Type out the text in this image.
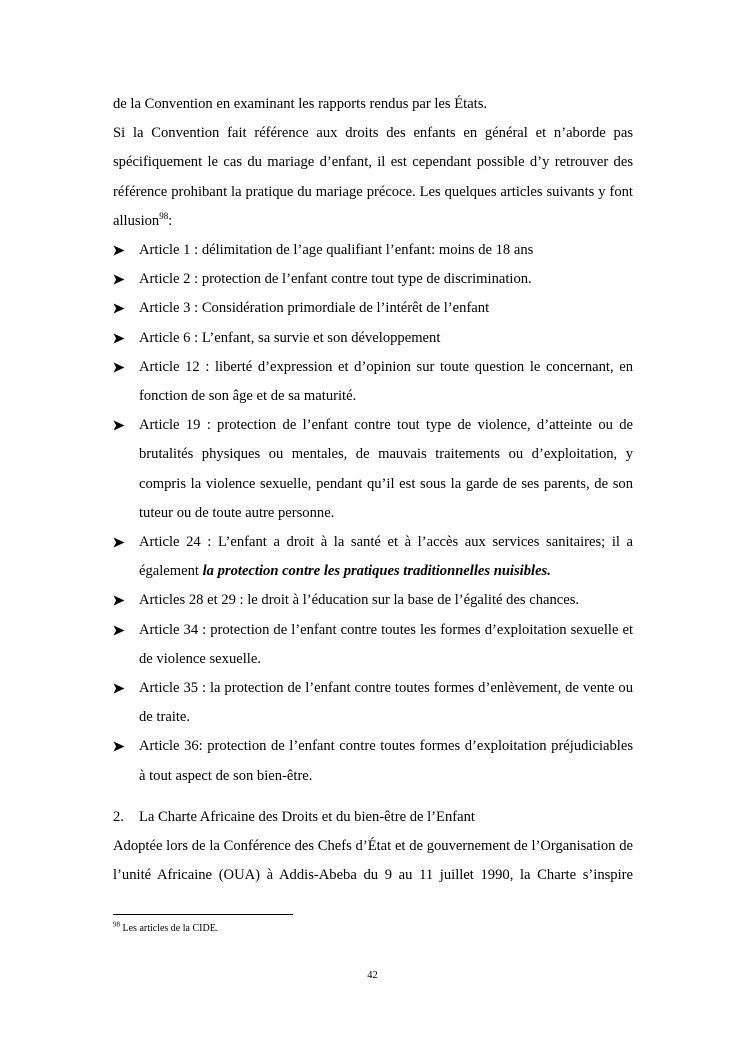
de la Convention en examinant les rapports rendus par les États.

Si la Convention fait référence aux droits des enfants en général et n’aborde pas spécifiquement le cas du mariage d’enfant, il est cependant possible d’y retrouver des référence prohibant la pratique du mariage précoce. Les quelques articles suivants y font allusion$^{98}$:

Article 1 : délimitation de l’age qualifiant l’enfant: moins de 18 ans
Article 2 : protection de l’enfant contre tout type de discrimination.
Article 3 : Considération primordiale de l’intérêt de l’enfant
Article 6 : L’enfant, sa survie et son développement
Article 12 : liberté d’expression et d’opinion sur toute question le concernant, en fonction de son âge et de sa maturité.
Article 19 : protection de l’enfant contre tout type de violence, d’atteinte ou de brutalités physiques ou mentales, de mauvais traitements ou d’exploitation, y compris la violence sexuelle, pendant qu’il est sous la garde de ses parents, de son tuteur ou de toute autre personne.
Article 24 : L’enfant a droit à la santé et à l’accès aux services sanitaires; il a également la protection contre les pratiques traditionnelles nuisibles.
Articles 28 et 29 : le droit à l’éducation sur la base de l’égalité des chances.
Article 34 : protection de l’enfant contre toutes les formes d’exploitation sexuelle et de violence sexuelle.
Article 35 : la protection de l’enfant contre toutes formes d’enlèvement, de vente ou de traite.
Article 36: protection de l’enfant contre toutes formes d’exploitation préjudiciables à tout aspect de son bien-être.
2.	La Charte Africaine des Droits et du bien-être de l’Enfant

Adoptée lors de la Conférence des Chefs d’État et de gouvernement de l’Organisation de l’unité Africaine (OUA) à Addis-Abeba du 9 au 11 juillet 1990, la Charte s’inspire

$^{98}$ Les articles de la CIDE.
42
